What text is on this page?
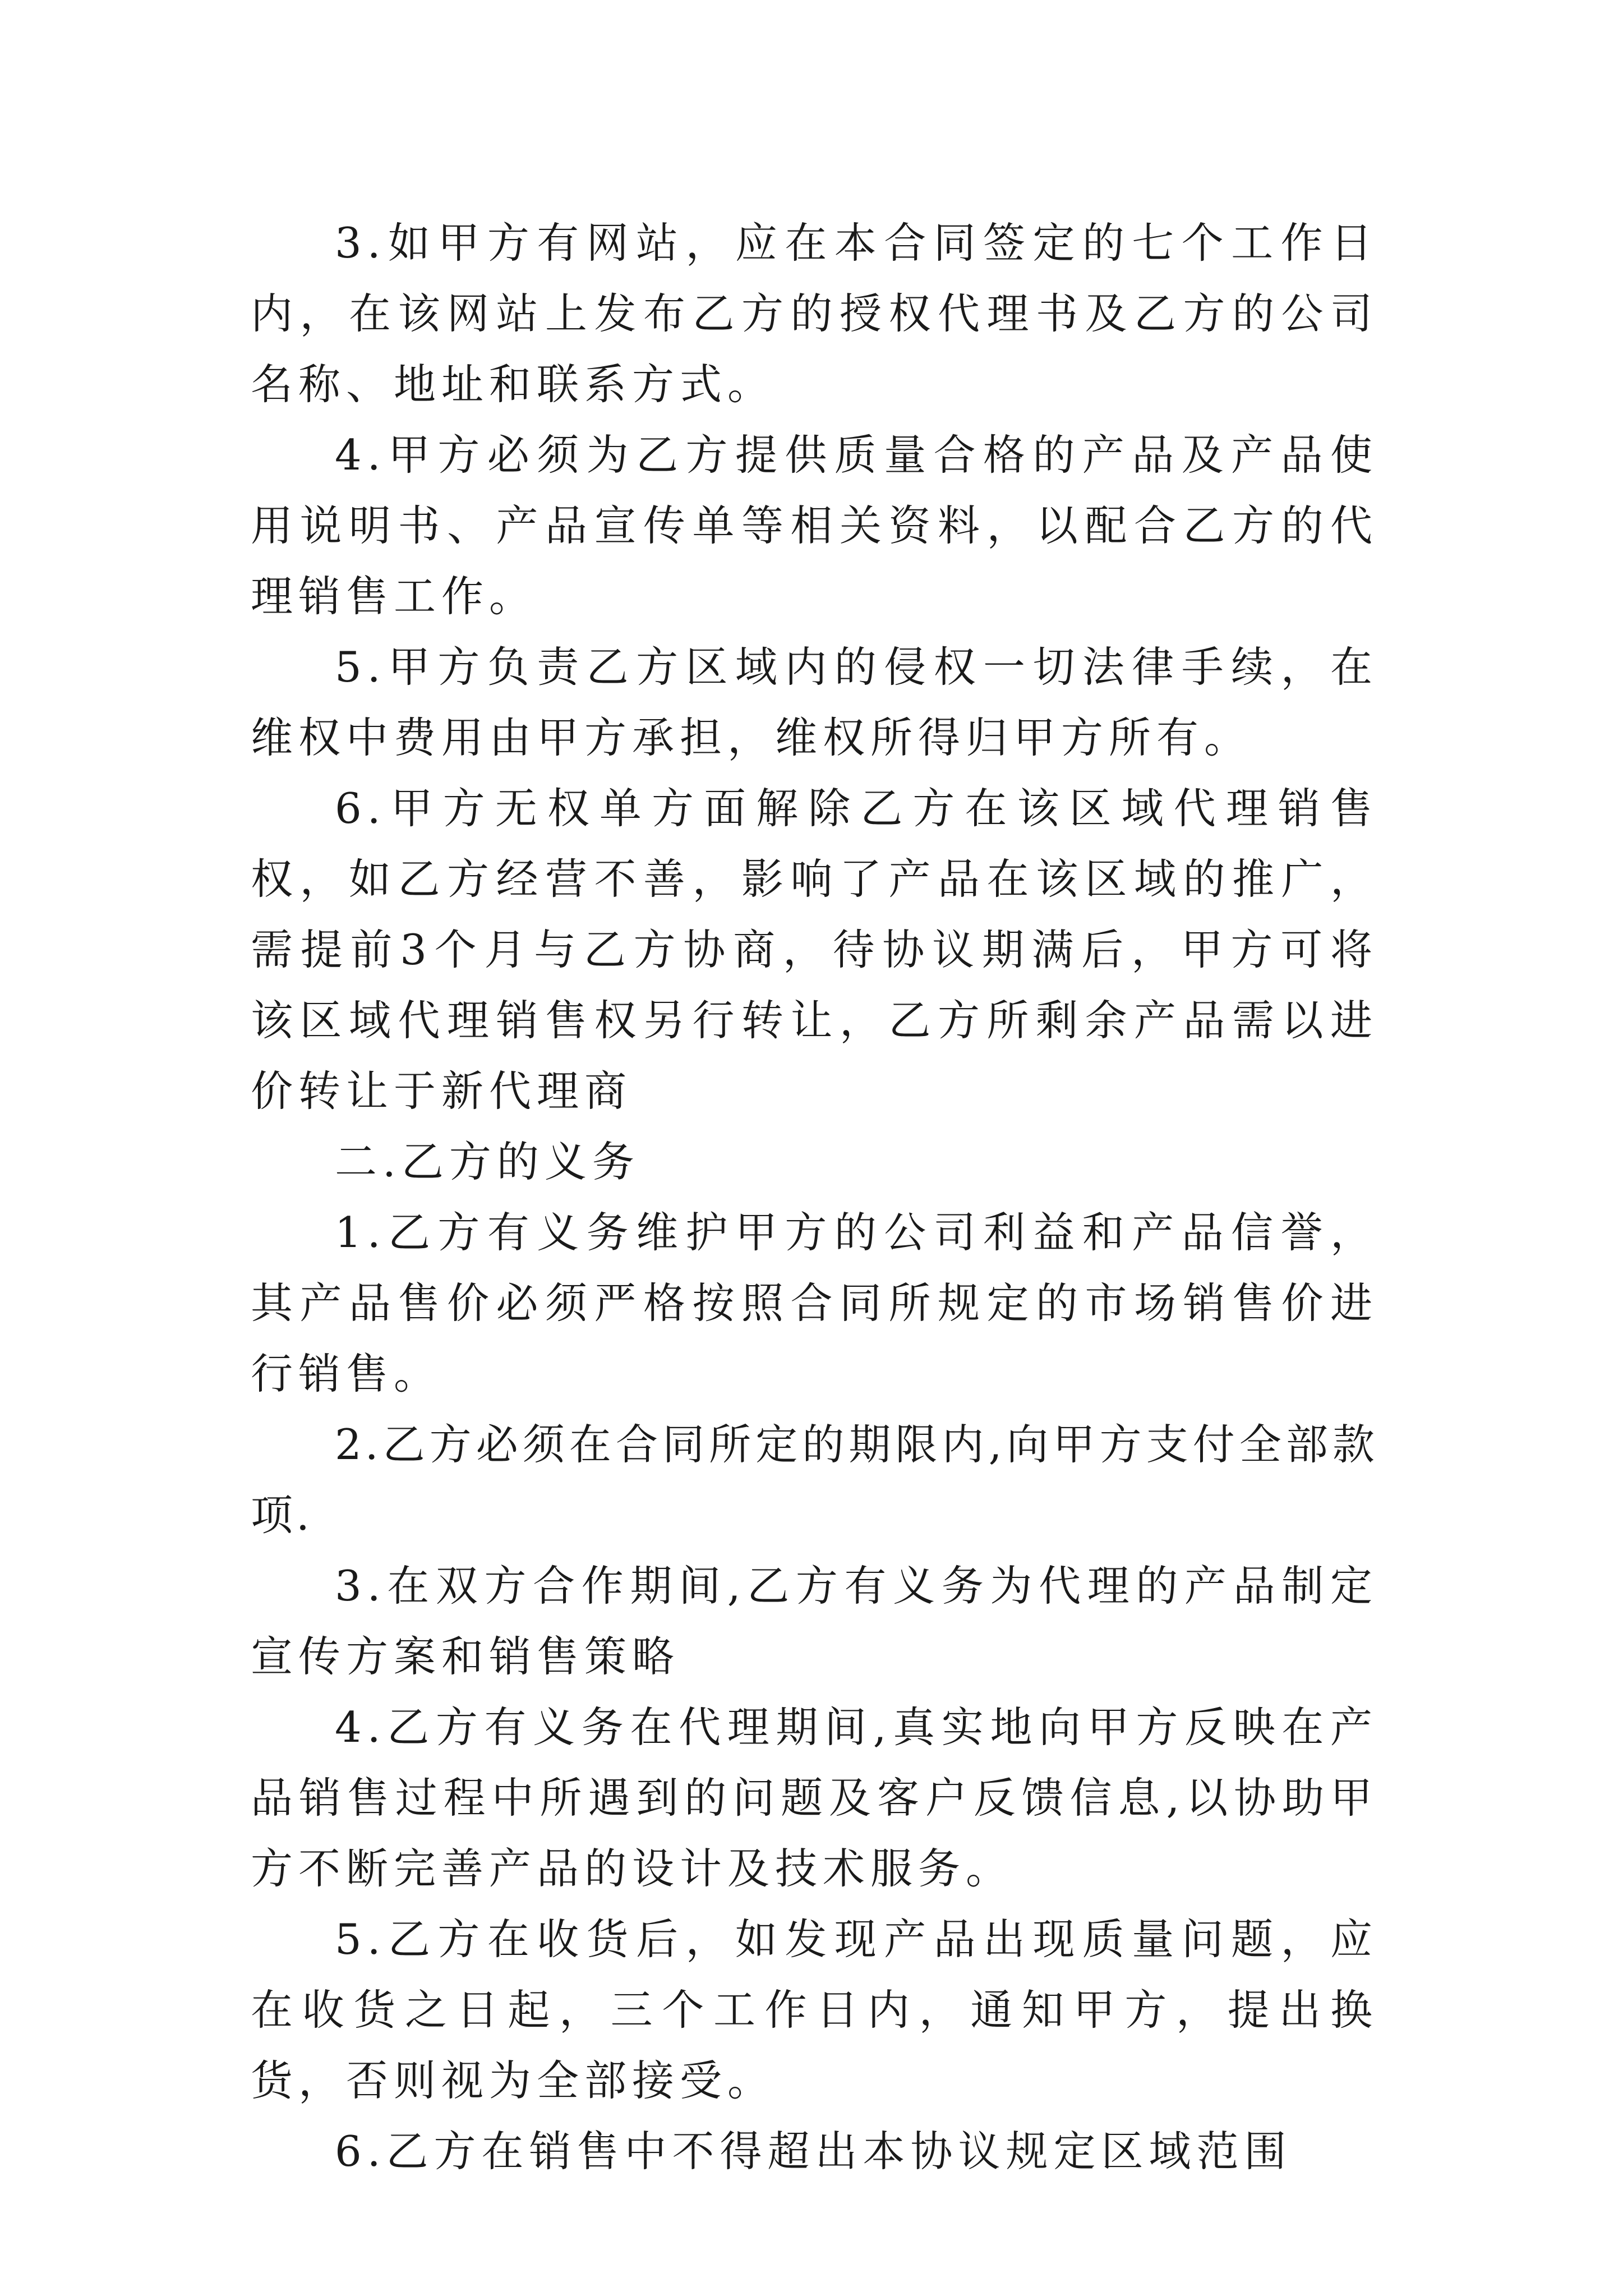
3.如甲方有网站，应在本合同签定的七个工作日内，在该网站上发布乙方的授权代理书及乙方的公司名称、地址和联系方式。

4.甲方必须为乙方提供质量合格的产品及产品使用说明书、产品宣传单等相关资料，以配合乙方的代理销售工作。

5.甲方负责乙方区域内的侵权一切法律手续，在维权中费用由甲方承担，维权所得归甲方所有。

6.甲方无权单方面解除乙方在该区域代理销售权，如乙方经营不善，影响了产品在该区域的推广，需提前3个月与乙方协商，待协议期满后，甲方可将该区域代理销售权另行转让，乙方所剩余产品需以进价转让于新代理商

二.乙方的义务

1.乙方有义务维护甲方的公司利益和产品信誉，其产品售价必须严格按照合同所规定的市场销售价进行销售。

2.乙方必须在合同所定的期限内,向甲方支付全部款项.

3.在双方合作期间,乙方有义务为代理的产品制定宣传方案和销售策略

4.乙方有义务在代理期间,真实地向甲方反映在产品销售过程中所遇到的问题及客户反馈信息,以协助甲方不断完善产品的设计及技术服务。

5.乙方在收货后，如发现产品出现质量问题，应在收货之日起，三个工作日内，通知甲方，提出换货，否则视为全部接受。

6.乙方在销售中不得超出本协议规定区域范围
